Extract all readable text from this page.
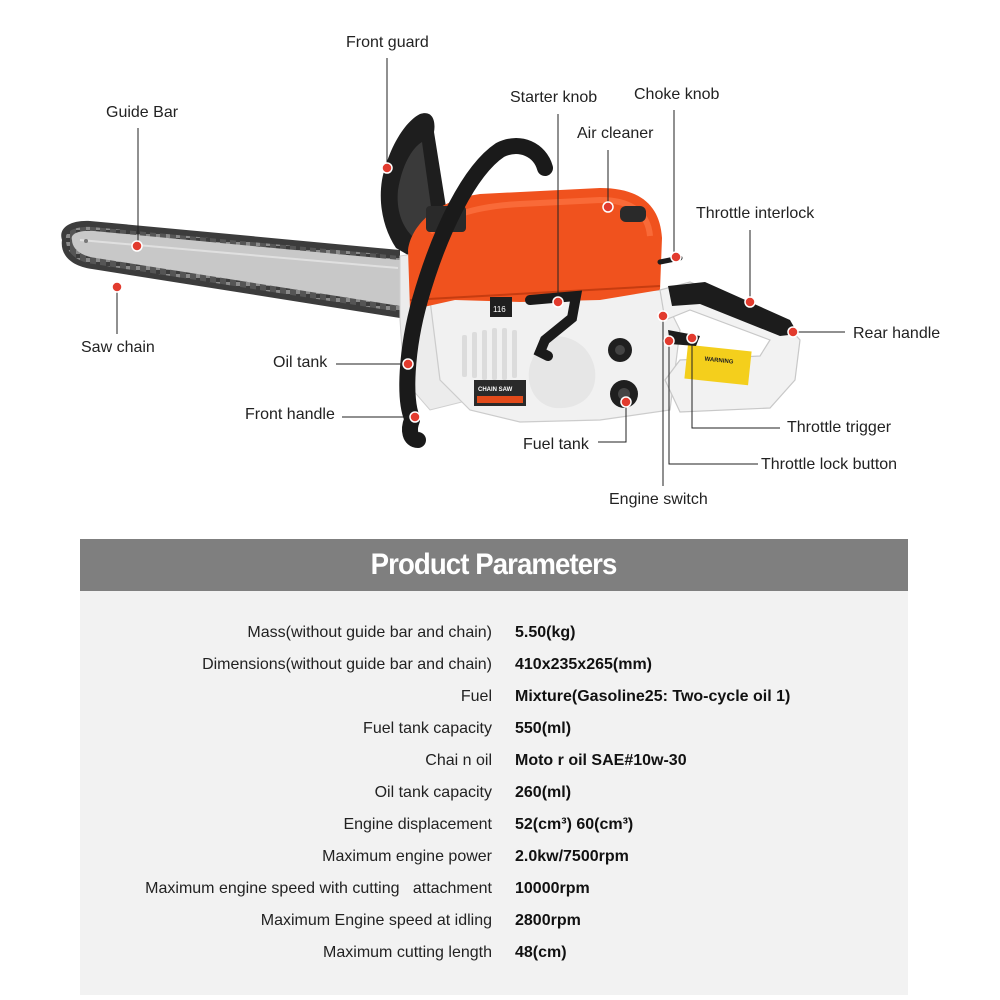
116
CHAIN SAW
WARNING
Front guard
Guide Bar
Starter knob Choke knob
Air cleaner
Throttle interlock
Rear handle
Saw chain
Oil tank
Front handle
Fuel tank
Throttle trigger
Throttle lock button
Engine switch
Product Parameters
Mass(without guide bar and chain) 5.50(kg)
Dimensions(without guide bar and chain) 410x235x265(mm)
Fuel Mixture(Gasoline25: Two-cycle oil 1)
Fuel tank capacity 550(ml)
Chai n oil Moto r oil SAE#10w-30
Oil tank capacity 260(ml)
Engine displacement 52(cm³) 60(cm³)
Maximum engine power 2.0kw/7500rpm
Maximum engine speed with cutting   attachment 10000rpm
Maximum Engine speed at idling 2800rpm
Maximum cutting length 48(cm)
